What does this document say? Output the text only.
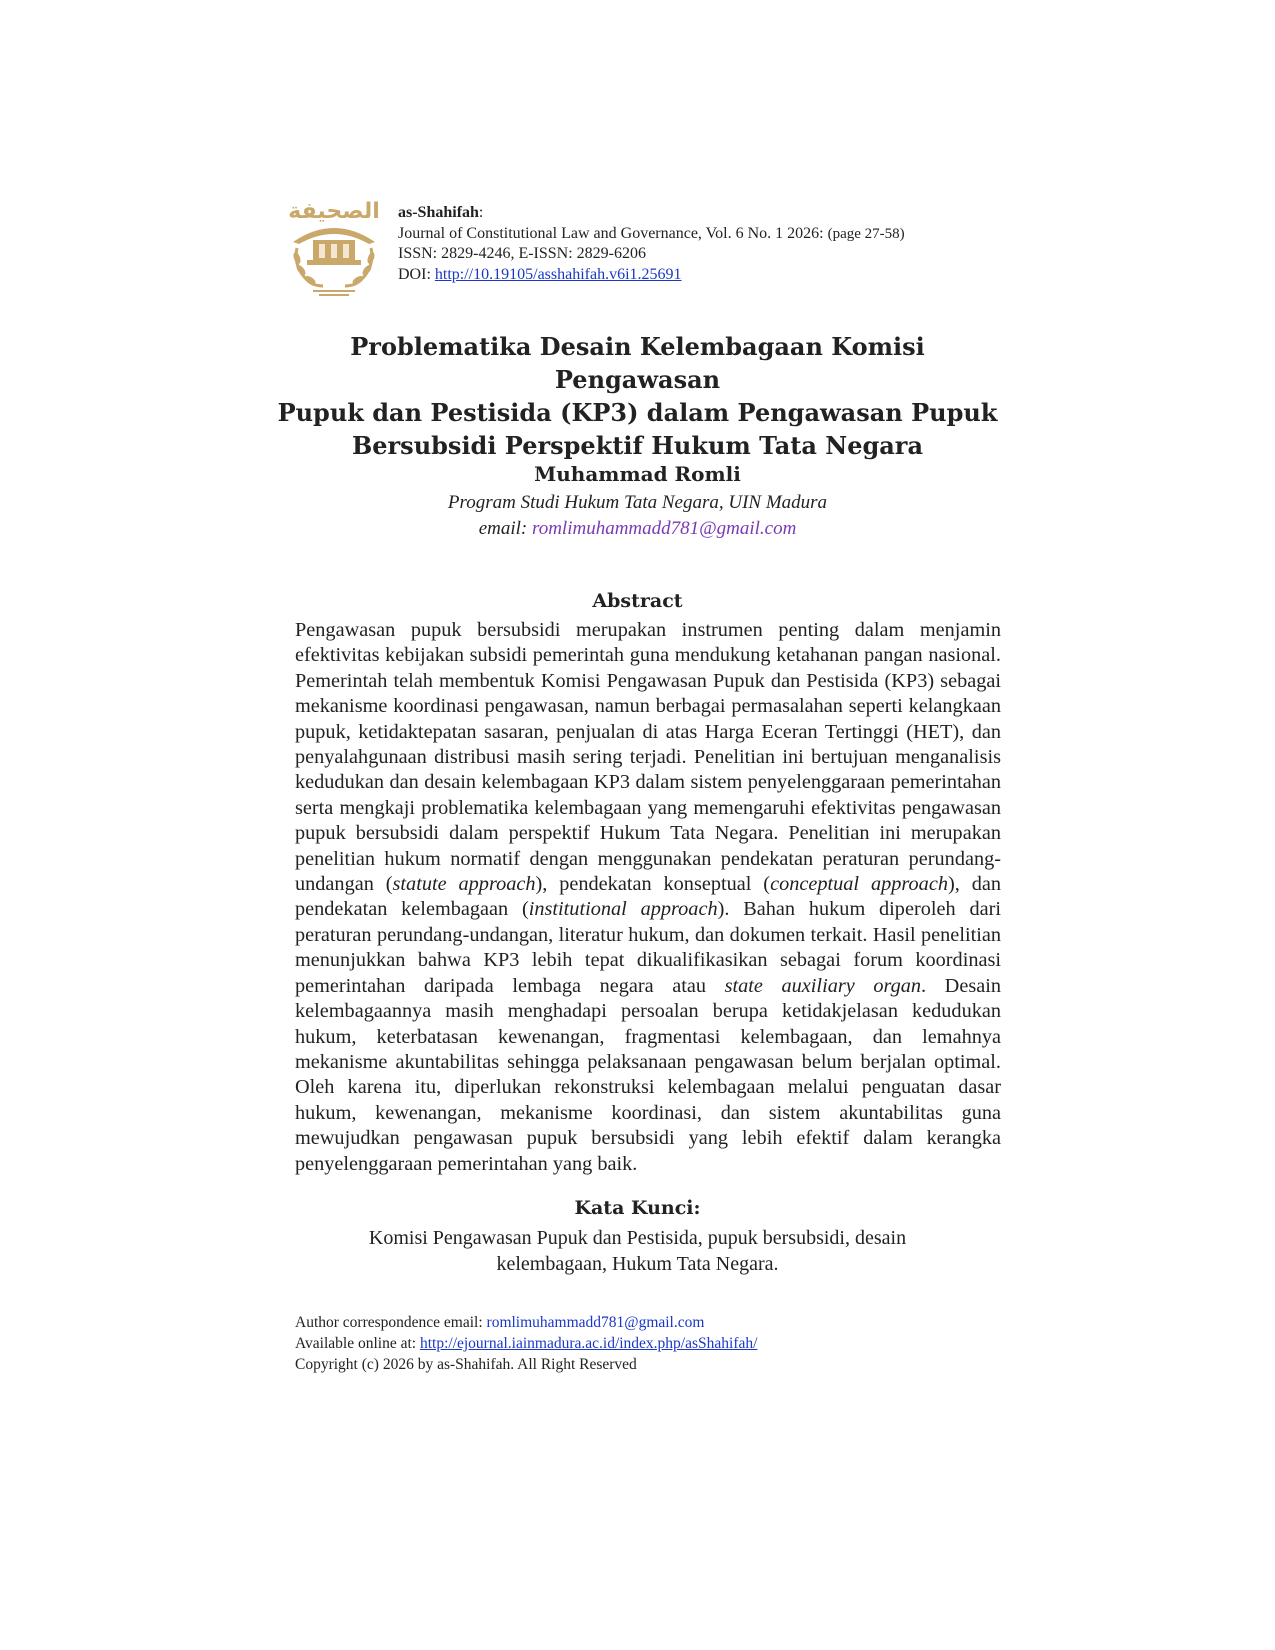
الصحيفة as-Shahifah:
Journal of Constitutional Law and Governance, Vol. 6 No. 1 2026: (page 27-58)
ISSN: 2829-4246, E-ISSN: 2829-6206
DOI: http://10.19105/asshahifah.v6i1.25691
Problematika Desain Kelembagaan Komisi Pengawasan
Pupuk dan Pestisida (KP3) dalam Pengawasan Pupuk
Bersubsidi Perspektif Hukum Tata Negara
Muhammad Romli
Program Studi Hukum Tata Negara, UIN Madura
email: romlimuhammadd781@gmail.com
Abstract
Pengawasan pupuk bersubsidi merupakan instrumen penting dalam menjamin efektivitas kebijakan subsidi pemerintah guna mendukung ketahanan pangan nasional. Pemerintah telah membentuk Komisi Pengawasan Pupuk dan Pestisida (KP3) sebagai mekanisme koordinasi pengawasan, namun berbagai permasalahan seperti kelangkaan pupuk, ketidaktepatan sasaran, penjualan di atas Harga Eceran Tertinggi (HET), dan penyalahgunaan distribusi masih sering terjadi. Penelitian ini bertujuan menganalisis kedudukan dan desain kelembagaan KP3 dalam sistem penyelenggaraan pemerintahan serta mengkaji problematika kelembagaan yang memengaruhi efektivitas pengawasan pupuk bersubsidi dalam perspektif Hukum Tata Negara. Penelitian ini merupakan penelitian hukum normatif dengan menggunakan pendekatan peraturan perundang-undangan (statute approach), pendekatan konseptual (conceptual approach), dan pendekatan kelembagaan (institutional approach). Bahan hukum diperoleh dari peraturan perundang-undangan, literatur hukum, dan dokumen terkait. Hasil penelitian menunjukkan bahwa KP3 lebih tepat dikualifikasikan sebagai forum koordinasi pemerintahan daripada lembaga negara atau state auxiliary organ. Desain kelembagaannya masih menghadapi persoalan berupa ketidakjelasan kedudukan hukum, keterbatasan kewenangan, fragmentasi kelembagaan, dan lemahnya mekanisme akuntabilitas sehingga pelaksanaan pengawasan belum berjalan optimal. Oleh karena itu, diperlukan rekonstruksi kelembagaan melalui penguatan dasar hukum, kewenangan, mekanisme koordinasi, dan sistem akuntabilitas guna mewujudkan pengawasan pupuk bersubsidi yang lebih efektif dalam kerangka penyelenggaraan pemerintahan yang baik.
Kata Kunci:
Komisi Pengawasan Pupuk dan Pestisida, pupuk bersubsidi, desain
kelembagaan, Hukum Tata Negara.
Author correspondence email: romlimuhammadd781@gmail.com
Available online at: http://ejournal.iainmadura.ac.id/index.php/asShahifah/
Copyright (c) 2026 by as-Shahifah. All Right Reserved
